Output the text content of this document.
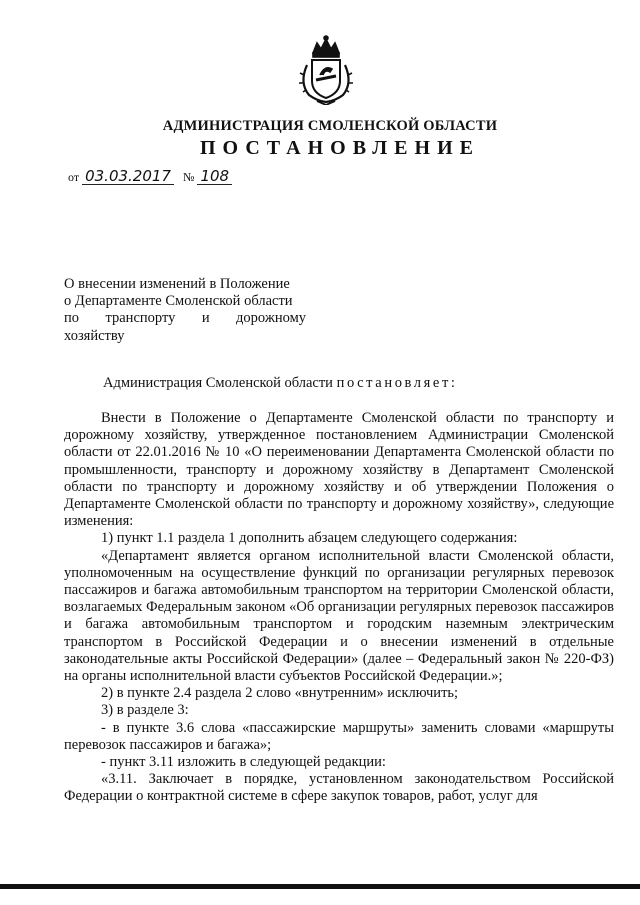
АДМИНИСТРАЦИЯ СМОЛЕНСКОЙ ОБЛАСТИ
ПОСТАНОВЛЕНИЕ
от 03.03.2017 № 108
О внесении изменений в Положение
о Департаменте Смоленской области
по транспорту и дорожному
хозяйству
Администрация Смоленской области постановляет:

Внести в Положение о Департаменте Смоленской области по транспорту и дорожному хозяйству, утвержденное постановлением Администрации Смоленской области от 22.01.2016 № 10 «О переименовании Департамента Смоленской области по промышленности, транспорту и дорожному хозяйству в Департамент Смоленской области по транспорту и дорожному хозяйству и об утверждении Положения о Департаменте Смоленской области по транспорту и дорожному хозяйству», следующие изменения:

1) пункт 1.1 раздела 1 дополнить абзацем следующего содержания:

«Департамент является органом исполнительной власти Смоленской области, уполномоченным на осуществление функций по организации регулярных перевозок пассажиров и багажа автомобильным транспортом на территории Смоленской области, возлагаемых Федеральным законом «Об организации регулярных перевозок пассажиров и багажа автомобильным транспортом и городским наземным электрическим транспортом в Российской Федерации и о внесении изменений в отдельные законодательные акты Российской Федерации» (далее – Федеральный закон № 220-ФЗ) на органы исполнительной власти субъектов Российской Федерации.»;

2) в пункте 2.4 раздела 2 слово «внутренним» исключить;

3) в разделе 3:

- в пункте 3.6 слова «пассажирские маршруты» заменить словами «маршруты перевозок пассажиров и багажа»;

- пункт 3.11 изложить в следующей редакции:

«3.11. Заключает в порядке, установленном законодательством Российской Федерации о контрактной системе в сфере закупок товаров, работ, услуг для
